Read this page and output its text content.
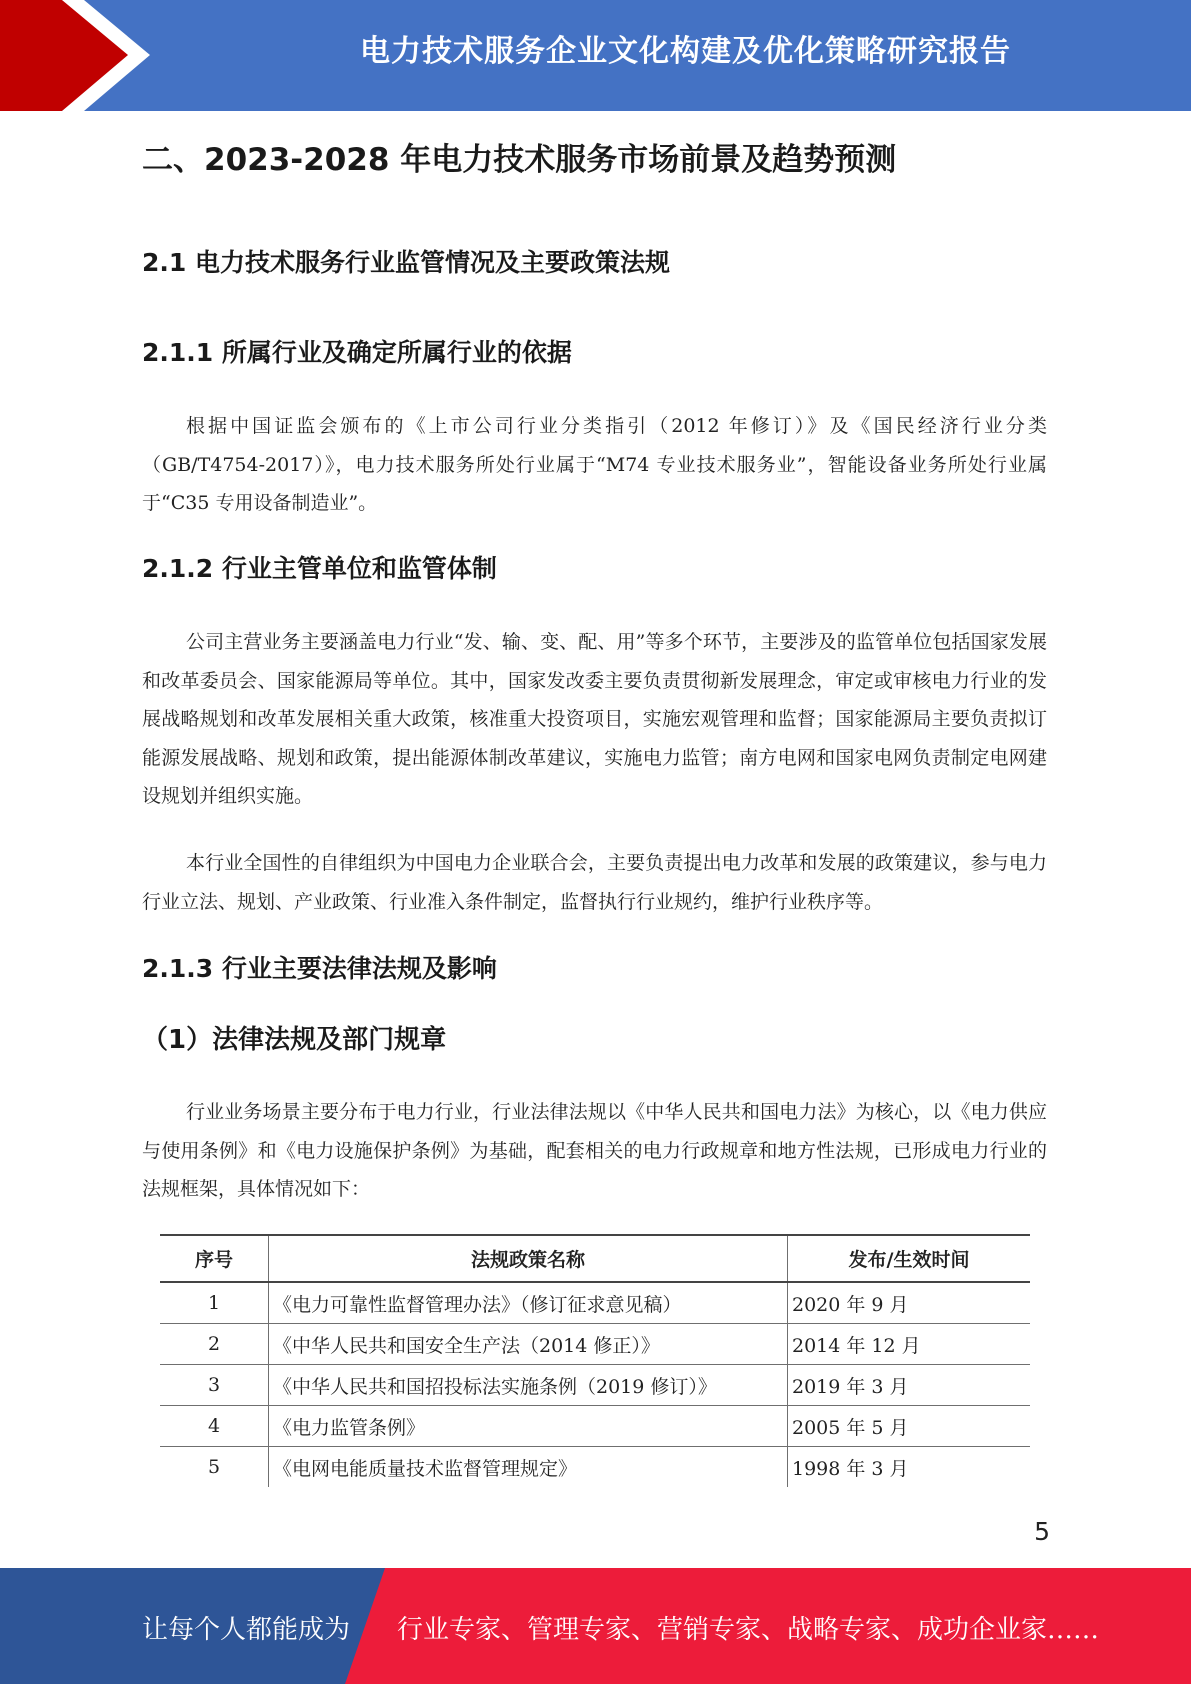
电力技术服务企业文化构建及优化策略研究报告
二、2023-2028 年电力技术服务市场前景及趋势预测
2.1 电力技术服务行业监管情况及主要政策法规
2.1.1 所属行业及确定所属行业的依据

根据中国证监会颁布的《上市公司行业分类指引（2012 年修订）》及《国民经济行业分类（GB/T4754-2017）》，电力技术服务所处行业属于“M74 专业技术服务业”，智能设备业务所处行业属于“C35 专用设备制造业”。

2.1.2 行业主管单位和监管体制

公司主营业务主要涵盖电力行业“发、输、变、配、用”等多个环节，主要涉及的监管单位包括国家发展和改革委员会、国家能源局等单位。其中，国家发改委主要负责贯彻新发展理念，审定或审核电力行业的发展战略规划和改革发展相关重大政策，核准重大投资项目，实施宏观管理和监督；国家能源局主要负责拟订能源发展战略、规划和政策，提出能源体制改革建议，实施电力监管；南方电网和国家电网负责制定电网建设规划并组织实施。

本行业全国性的自律组织为中国电力企业联合会，主要负责提出电力改革和发展的政策建议，参与电力行业立法、规划、产业政策、行业准入条件制定，监督执行行业规约，维护行业秩序等。

2.1.3 行业主要法律法规及影响
（1）法律法规及部门规章

行业业务场景主要分布于电力行业，行业法律法规以《中华人民共和国电力法》为核心，以《电力供应与使用条例》和《电力设施保护条例》为基础，配套相关的电力行政规章和地方性法规，已形成电力行业的法规框架，具体情况如下：

序号	法规政策名称	发布/生效时间
1	《电力可靠性监督管理办法》（修订征求意见稿）	2020 年 9 月
2	《中华人民共和国安全生产法（2014 修正）》	2014 年 12 月
3	《中华人民共和国招投标法实施条例（2019 修订）》	2019 年 3 月
4	《电力监管条例》	2005 年 5 月
5	《电网电能质量技术监督管理规定》	1998 年 3 月
5
让每个人都能成为 行业专家、管理专家、营销专家、战略专家、成功企业家……
